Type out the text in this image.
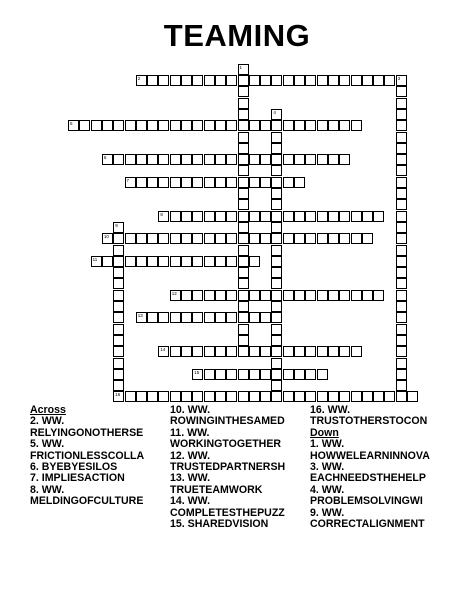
TEAMING
2	3
5
6
7
8
10
11
12
13
14
15
16
1
4
9
Across
2. WW.
RELYINGONOTHERSE
5. WW.
FRICTIONLESSCOLLA
6. BYEBYESILOS
7. IMPLIESACTION
8. WW.
MELDINGOFCULTURE
10. WW.
ROWINGINTHESAMED
11. WW.
WORKINGTOGETHER
12. WW.
TRUSTEDPARTNERSH
13. WW.
TRUETEAMWORK
14. WW.
COMPLETESTHEPUZZ
15. SHAREDVISION
16. WW.
TRUSTOTHERSTOCON
Down
1. WW.
HOWWELEARNINNOVA
3. WW.
EACHNEEDSTHEHELP
4. WW.
PROBLEMSOLVINGWI
9. WW.
CORRECTALIGNMENT
